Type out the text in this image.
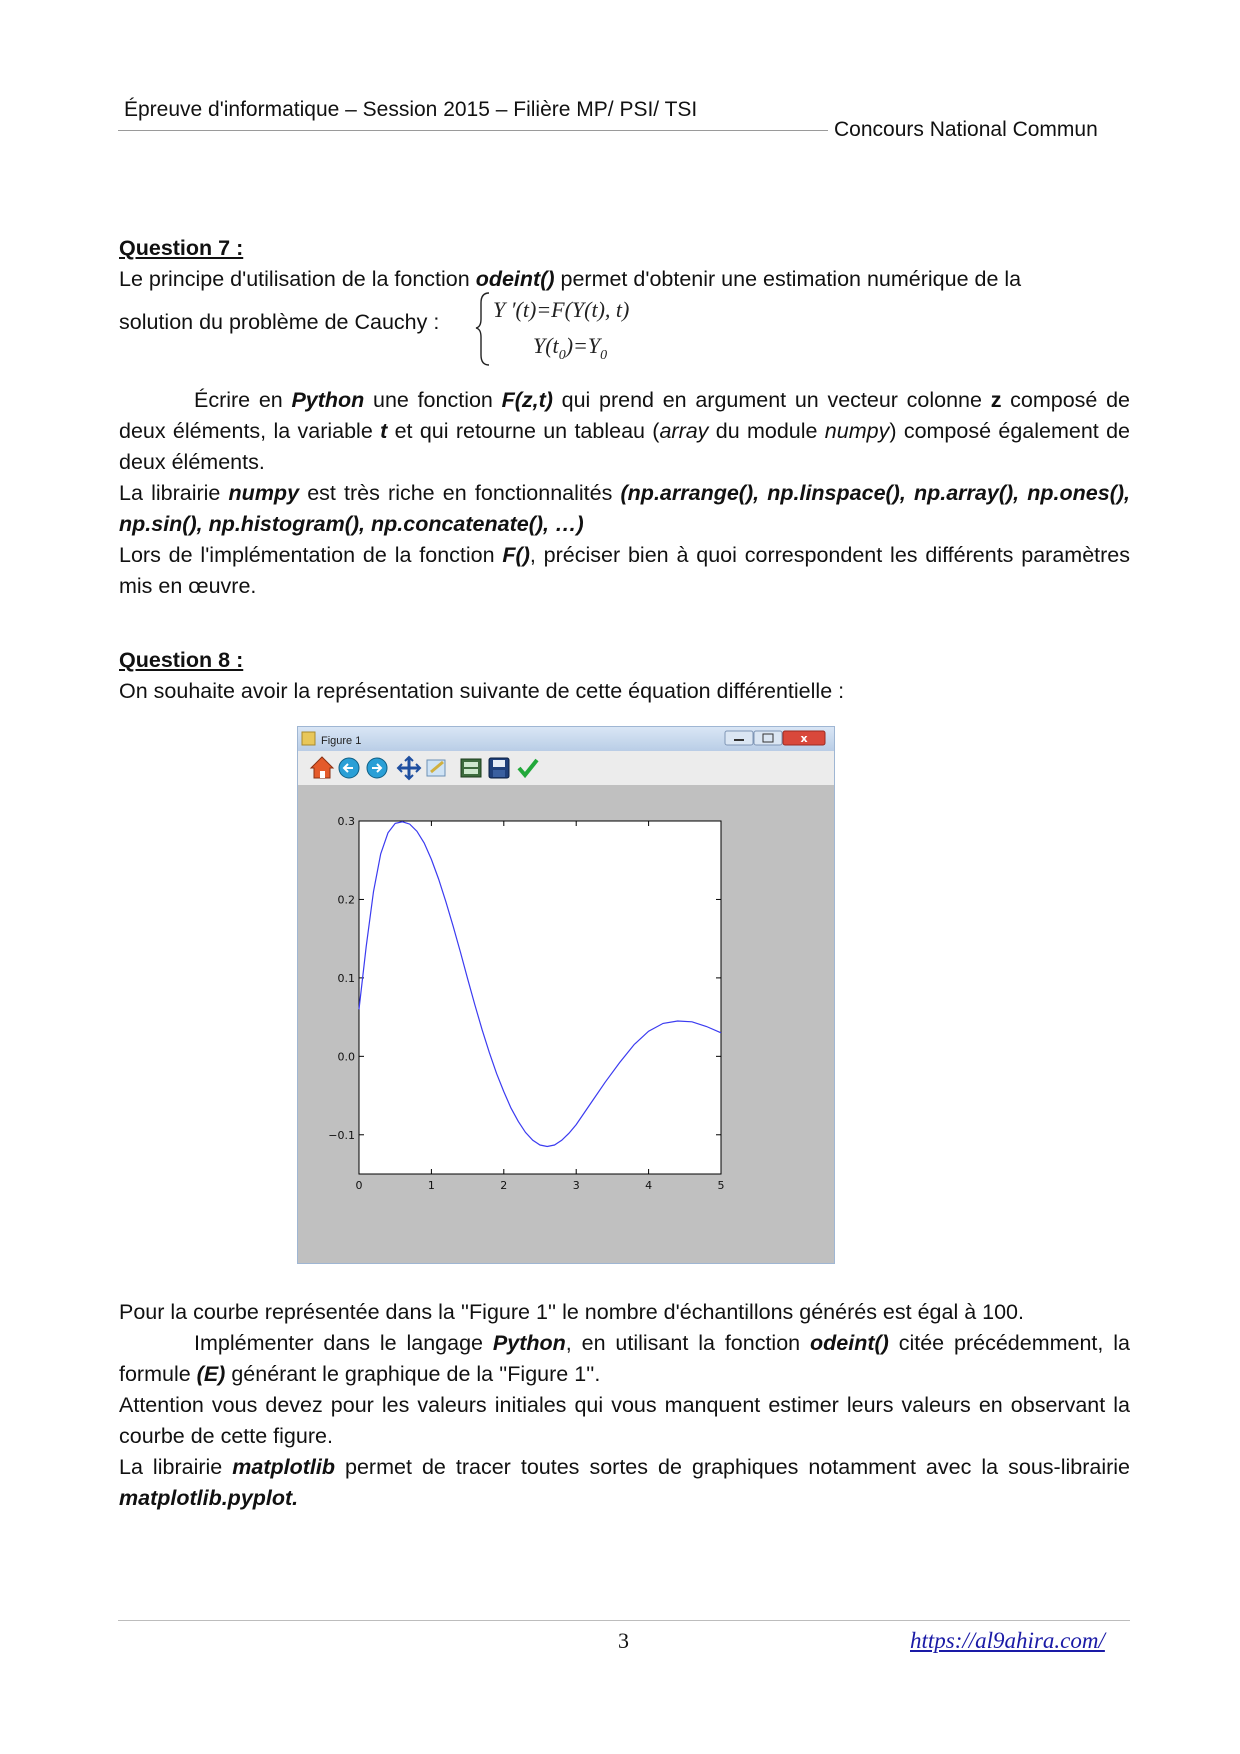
Épreuve d'informatique – Session 2015 – Filière MP/ PSI/ TSI
Concours National Commun

Question 7 :

Le principe d'utilisation de la fonction odeint() permet d'obtenir une estimation numérique de la

solution du problème de Cauchy : Y ′(t)=F(Y(t), t)
$Y(t_0)=Y_0$

Écrire en Python une fonction F(z,t) qui prend en argument un vecteur colonne z composé de deux éléments, la variable t et qui retourne un tableau (array du module numpy) composé également de deux éléments.

La librairie numpy est très riche en fonctionnalités (np.arrange(), np.linspace(), np.array(), np.ones(), np.sin(), np.histogram(), np.concatenate(), …)

Lors de l'implémentation de la fonction F(), préciser bien à quoi correspondent les différents paramètres mis en œuvre.

Question 8 :

On souhaite avoir la représentation suivante de cette équation différentielle :

Figure 1	x
0	1	2	3	4	5
0.3
0.2
0.1
0.0
−0.1

Pour la courbe représentée dans la ''Figure 1'' le nombre d'échantillons générés est égal à 100.

Implémenter dans le langage Python, en utilisant la fonction odeint() citée précédemment, la formule (E) générant le graphique de la ''Figure 1''.

Attention vous devez pour les valeurs initiales qui vous manquent estimer leurs valeurs en observant la courbe de cette figure.

La librairie matplotlib permet de tracer toutes sortes de graphiques notamment avec la sous-librairie matplotlib.pyplot.

3	https://al9ahira.com/
